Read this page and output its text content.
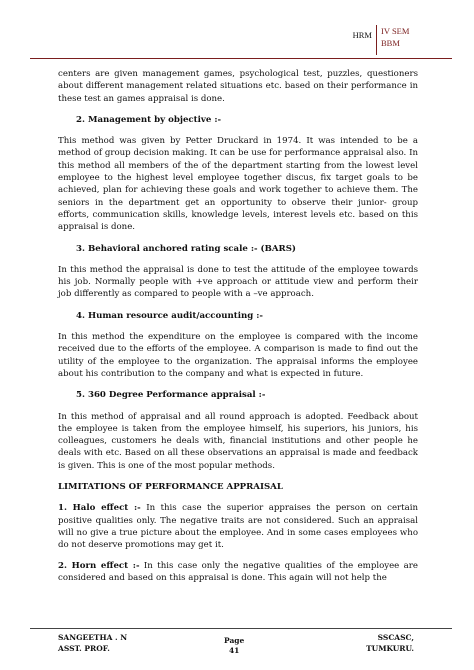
HRM IV SEM
BBM

centers are given management games, psychological test, puzzles, questioners about different management related situations etc. based on their performance in these test an games appraisal is done.

2. Management by objective :-

This method was given by Petter Druckard in 1974. It was intended to be a method of group decision making. It can be use for performance appraisal also. In this method all members of the of the department starting from the lowest level employee to the highest level employee together discus, fix target goals to be achieved, plan for achieving these goals and work together to achieve them. The seniors in the department get an opportunity to observe their junior- group efforts, communication skills, knowledge levels, interest levels etc. based on this appraisal is done.

3. Behavioral anchored rating scale :- (BARS)

In this method the appraisal is done to test the attitude of the employee towards his job. Normally people with +ve approach or attitude view and perform their job differently as compared to people with a –ve approach.

4. Human resource audit/accounting :-

In this method the expenditure on the employee is compared with the income received due to the efforts of the employee. A comparison is made to find out the utility of the employee to the organization. The appraisal informs the employee about his contribution to the company and what is expected in future.

5. 360 Degree Performance appraisal :-

In this method of appraisal and all round approach is adopted. Feedback about the employee is taken from the employee himself, his superiors, his juniors, his colleagues, customers he deals with, financial institutions and other people he deals with etc. Based on all these observations an appraisal is made and feedback is given. This is one of the most popular methods.

LIMITATIONS OF PERFORMANCE APPRAISAL

1. Halo effect :- In this case the superior appraises the person on certain positive qualities only. The negative traits are not considered. Such an appraisal will no give a true picture about the employee. And in some cases employees who do not deserve promotions may get it.

2. Horn effect :- In this case only the negative qualities of the employee are considered and based on this appraisal is done. This again will not help the

SANGEETHA . N
ASST. PROF.
Page
41
SSCASC,
TUMKURU.
